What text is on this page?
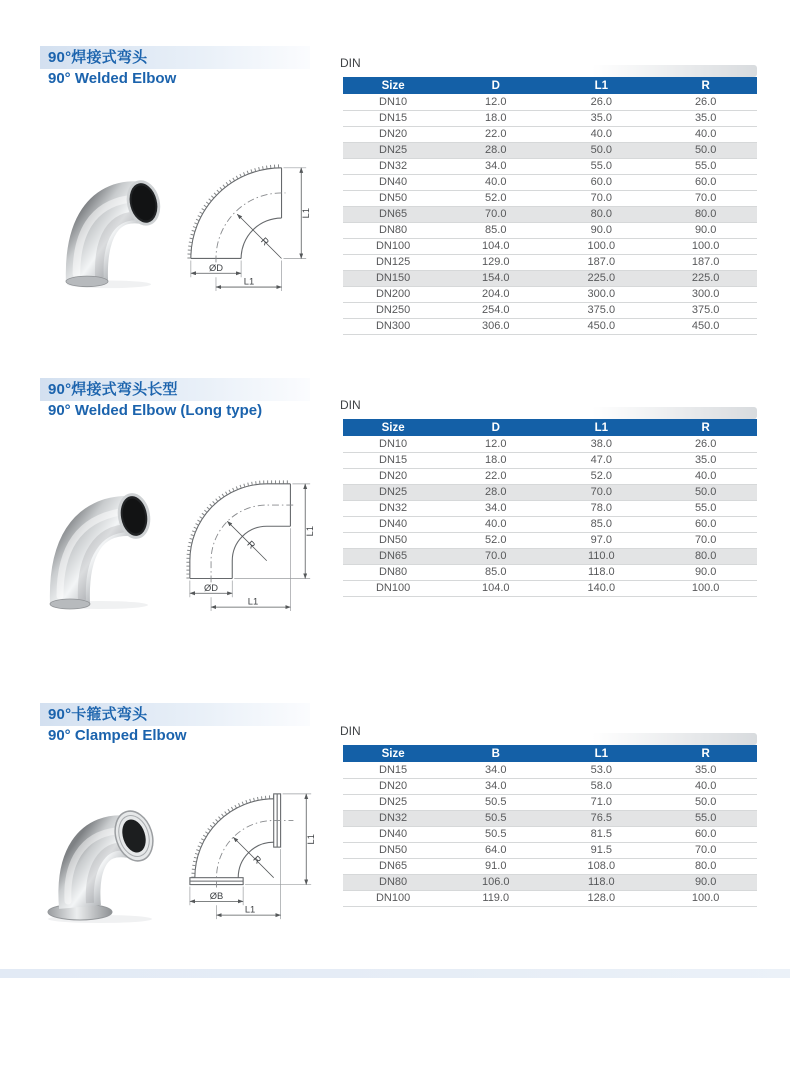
90°焊接式弯头
90° Welded Elbow
R
ØD
L1
L1
DIN
Size	D	L1	R
DN10	12.0	26.0	26.0
DN15	18.0	35.0	35.0
DN20	22.0	40.0	40.0
DN25	28.0	50.0	50.0
DN32	34.0	55.0	55.0
DN40	40.0	60.0	60.0
DN50	52.0	70.0	70.0
DN65	70.0	80.0	80.0
DN80	85.0	90.0	90.0
DN100	104.0	100.0	100.0
DN125	129.0	187.0	187.0
DN150	154.0	225.0	225.0
DN200	204.0	300.0	300.0
DN250	254.0	375.0	375.0
DN300	306.0	450.0	450.0
90°焊接式弯头长型
90° Welded Elbow (Long type)
R
ØD
L1
L1
DIN
Size	D	L1	R
DN10	12.0	38.0	26.0
DN15	18.0	47.0	35.0
DN20	22.0	52.0	40.0
DN25	28.0	70.0	50.0
DN32	34.0	78.0	55.0
DN40	40.0	85.0	60.0
DN50	52.0	97.0	70.0
DN65	70.0	110.0	80.0
DN80	85.0	118.0	90.0
DN100	104.0	140.0	100.0
90°卡箍式弯头
90° Clamped Elbow
R
ØB
L1
L1
DIN
Size	B	L1	R
DN15	34.0	53.0	35.0
DN20	34.0	58.0	40.0
DN25	50.5	71.0	50.0
DN32	50.5	76.5	55.0
DN40	50.5	81.5	60.0
DN50	64.0	91.5	70.0
DN65	91.0	108.0	80.0
DN80	106.0	118.0	90.0
DN100	119.0	128.0	100.0
